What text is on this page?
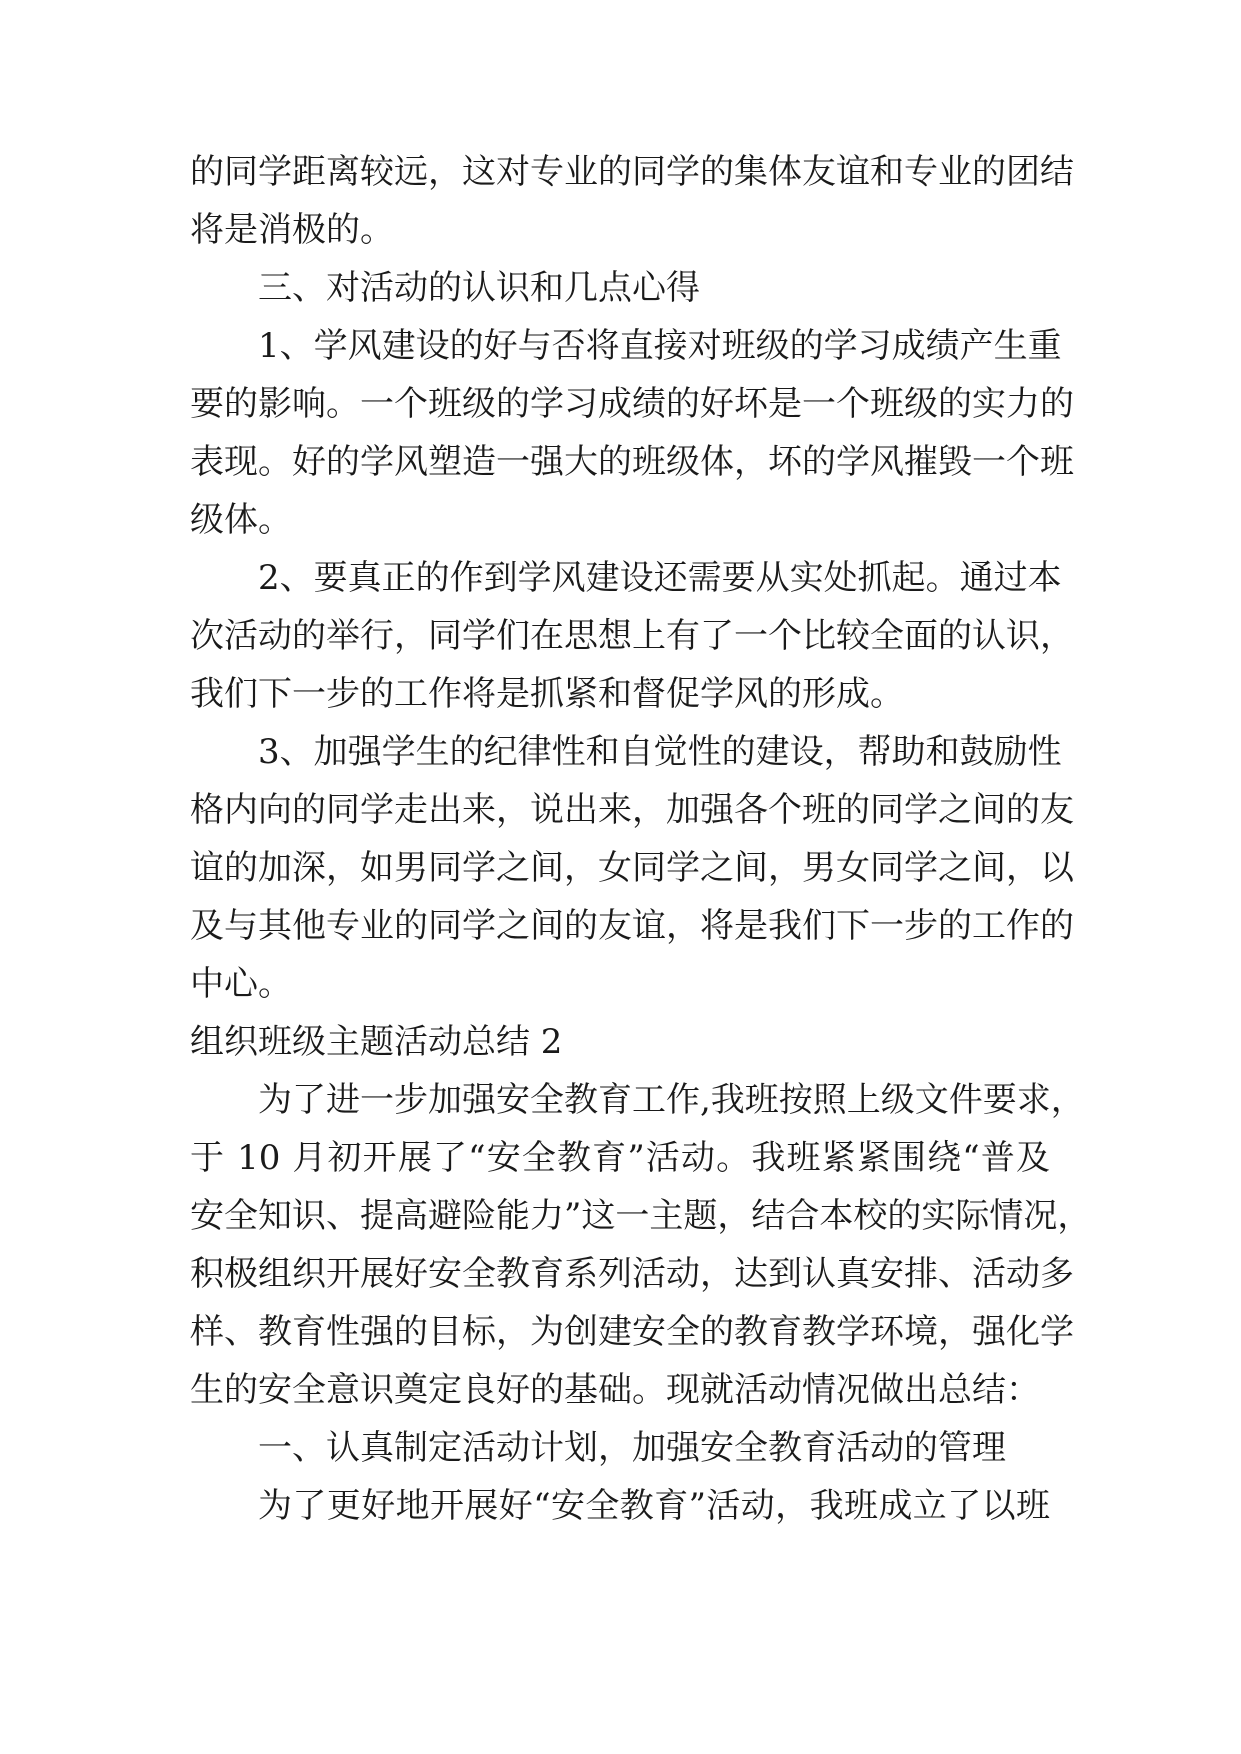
的同学距离较远，这对专业的同学的集体友谊和专业的团结
将是消极的。
三、对活动的认识和几点心得
1、学风建设的好与否将直接对班级的学习成绩产生重
要的影响。一个班级的学习成绩的好坏是一个班级的实力的
表现。好的学风塑造一强大的班级体，坏的学风摧毁一个班
级体。
2、要真正的作到学风建设还需要从实处抓起。通过本
次活动的举行，同学们在思想上有了一个比较全面的认识，
我们下一步的工作将是抓紧和督促学风的形成。
3、加强学生的纪律性和自觉性的建设，帮助和鼓励性
格内向的同学走出来，说出来，加强各个班的同学之间的友
谊的加深，如男同学之间，女同学之间，男女同学之间，以
及与其他专业的同学之间的友谊，将是我们下一步的工作的
中心。
组织班级主题活动总结 2
为了进一步加强安全教育工作,我班按照上级文件要求，
于 10 月初开展了“安全教育”活动。我班紧紧围绕“普及
安全知识、提高避险能力”这一主题，结合本校的实际情况，
积极组织开展好安全教育系列活动，达到认真安排、活动多
样、教育性强的目标，为创建安全的教育教学环境，强化学
生的安全意识奠定良好的基础。现就活动情况做出总结：
一、认真制定活动计划，加强安全教育活动的管理
为了更好地开展好“安全教育”活动，我班成立了以班
